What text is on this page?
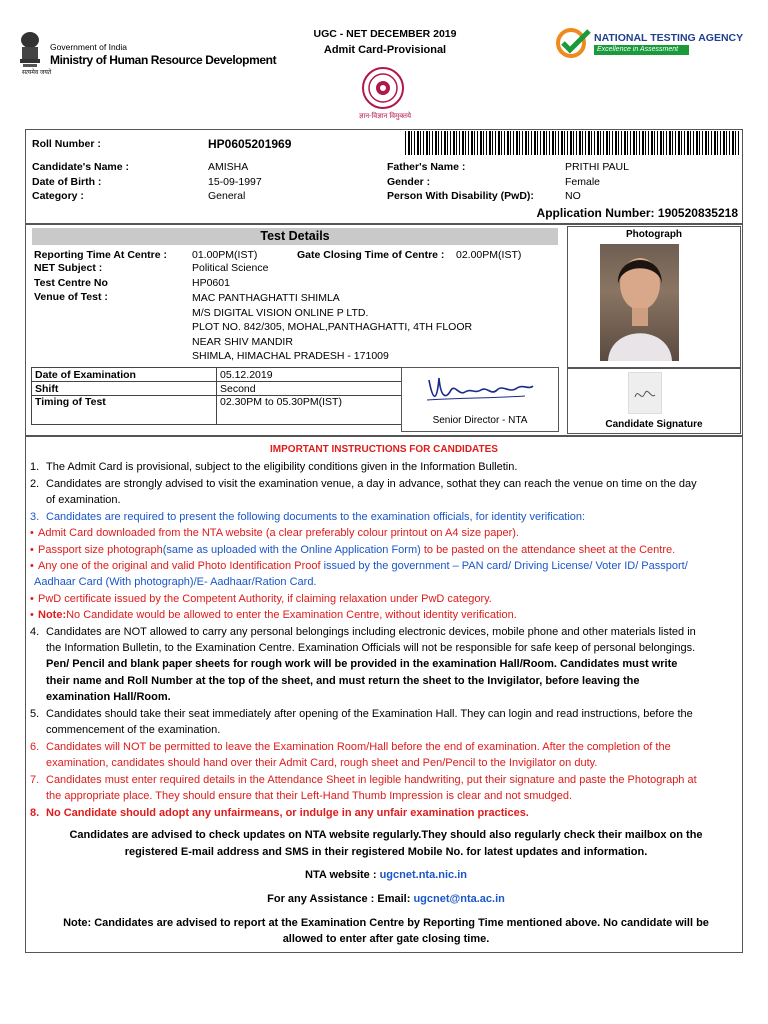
Government of India
Ministry of Human Resource Development
सत्यमेव जयते
UGC - NET DECEMBER 2019
Admit Card-Provisional
ज्ञान-विज्ञान विमुक्तये
NATIONAL TESTING AGENCY
Excellence in Assessment
Roll Number :	HP0605201969
Candidate's Name :	AMISHA	Father's Name :	PRITHI PAUL
Date of Birth :	15-09-1997	Gender :	Female
Category :	General	Person With Disability (PwD):	NO
Application Number: 190520835218
Test Details
Reporting Time At Centre : 01.00PM(IST)	Gate Closing Time of Centre : 02.00PM(IST)
NET Subject :	Political Science
Test Centre No	HP0601
Venue of Test :	MAC PANTHAGHATTI SHIMLA
M/S DIGITAL VISION ONLINE P LTD.
PLOT NO. 842/305, MOHAL,PANTHAGHATTI, 4TH FLOOR
NEAR SHIV MANDIR
SHIMLA, HIMACHAL PRADESH - 171009
Date of Examination	05.12.2019
Shift	Second
Timing of Test	02.30PM to 05.30PM(IST)
Senior Director - NTA
Photograph
Candidate Signature
IMPORTANT INSTRUCTIONS FOR CANDIDATES
1. The Admit Card is provisional, subject to the eligibility conditions given in the Information Bulletin.
2. Candidates are strongly advised to visit the examination venue, a day in advance, sothat they can reach the venue on time on the day
of examination.
3. Candidates are required to present the following documents to the examination officials, for identity verification:
• Admit Card downloaded from the NTA website (a clear preferably colour printout on A4 size paper).
• Passport size photograph(same as uploaded with the Online Application Form) to be pasted on the attendance sheet at the Centre.
• Any one of the original and valid Photo Identification Proof issued by the government – PAN card/ Driving License/ Voter ID/ Passport/
Aadhaar Card (With photograph)/E- Aadhaar/Ration Card.
• PwD certificate issued by the Competent Authority, if claiming relaxation under PwD category.
• Note:No Candidate would be allowed to enter the Examination Centre, without identity verification.
4. Candidates are NOT allowed to carry any personal belongings including electronic devices, mobile phone and other materials listed in
the Information Bulletin, to the Examination Centre. Examination Officials will not be responsible for safe keep of personal belongings.
Pen/ Pencil and blank paper sheets for rough work will be provided in the examination Hall/Room. Candidates must write
their name and Roll Number at the top of the sheet, and must return the sheet to the Invigilator, before leaving the
examination Hall/Room.
5. Candidates should take their seat immediately after opening of the Examination Hall. They can login and read instructions, before the
commencement of the examination.
6. Candidates will NOT be permitted to leave the Examination Room/Hall before the end of examination. After the completion of the
examination, candidates should hand over their Admit Card, rough sheet and Pen/Pencil to the Invigilator on duty.
7. Candidates must enter required details in the Attendance Sheet in legible handwriting, put their signature and paste the Photograph at
the appropriate place. They should ensure that their Left-Hand Thumb Impression is clear and not smudged.
8. No Candidate should adopt any unfairmeans, or indulge in any unfair examination practices.
Candidates are advised to check updates on NTA website regularly.They should also regularly check their mailbox on the
registered E-mail address and SMS in their registered Mobile No. for latest updates and information.
NTA website : ugcnet.nta.nic.in
For any Assistance : Email: ugcnet@nta.ac.in
Note: Candidates are advised to report at the Examination Centre by Reporting Time mentioned above. No candidate will be
allowed to enter after gate closing time.
